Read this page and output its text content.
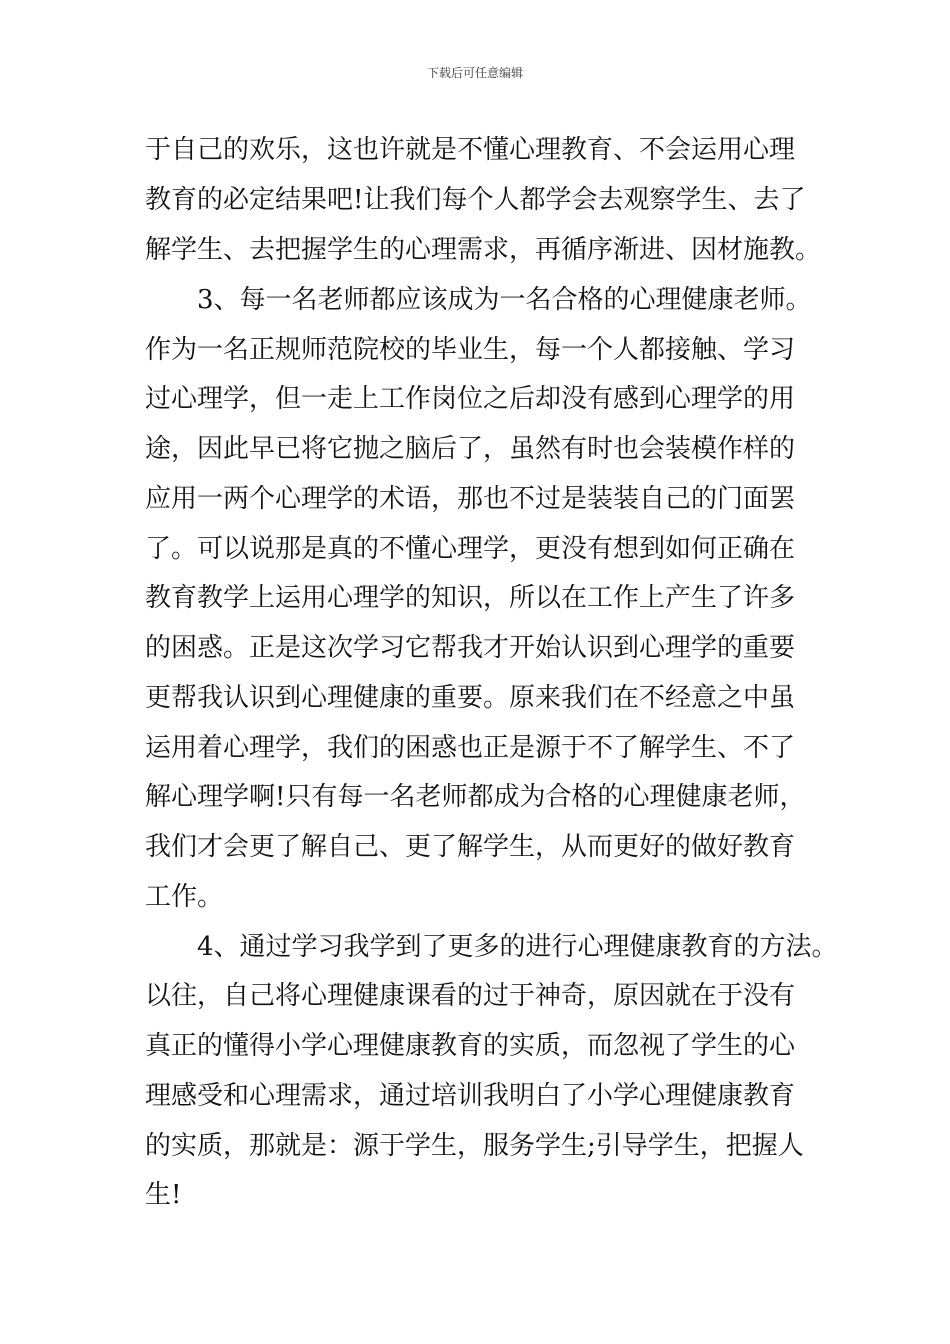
下载后可任意编辑

于自己的欢乐，这也许就是不懂心理教育、不会运用心理

教育的必定结果吧!让我们每个人都学会去观察学生、去了

解学生、去把握学生的心理需求，再循序渐进、因材施教。

3、每一名老师都应该成为一名合格的心理健康老师。

作为一名正规师范院校的毕业生，每一个人都接触、学习

过心理学，但一走上工作岗位之后却没有感到心理学的用

途，因此早已将它抛之脑后了，虽然有时也会装模作样的

应用一两个心理学的术语，那也不过是装装自己的门面罢

了。可以说那是真的不懂心理学，更没有想到如何正确在

教育教学上运用心理学的知识，所以在工作上产生了许多

的困惑。正是这次学习它帮我才开始认识到心理学的重要

更帮我认识到心理健康的重要。原来我们在不经意之中虽

运用着心理学，我们的困惑也正是源于不了解学生、不了

解心理学啊!只有每一名老师都成为合格的心理健康老师，

我们才会更了解自己、更了解学生，从而更好的做好教育

工作。

4、通过学习我学到了更多的进行心理健康教育的方法。

以往，自己将心理健康课看的过于神奇，原因就在于没有

真正的懂得小学心理健康教育的实质，而忽视了学生的心

理感受和心理需求，通过培训我明白了小学心理健康教育

的实质，那就是：源于学生，服务学生;引导学生，把握人

生!
